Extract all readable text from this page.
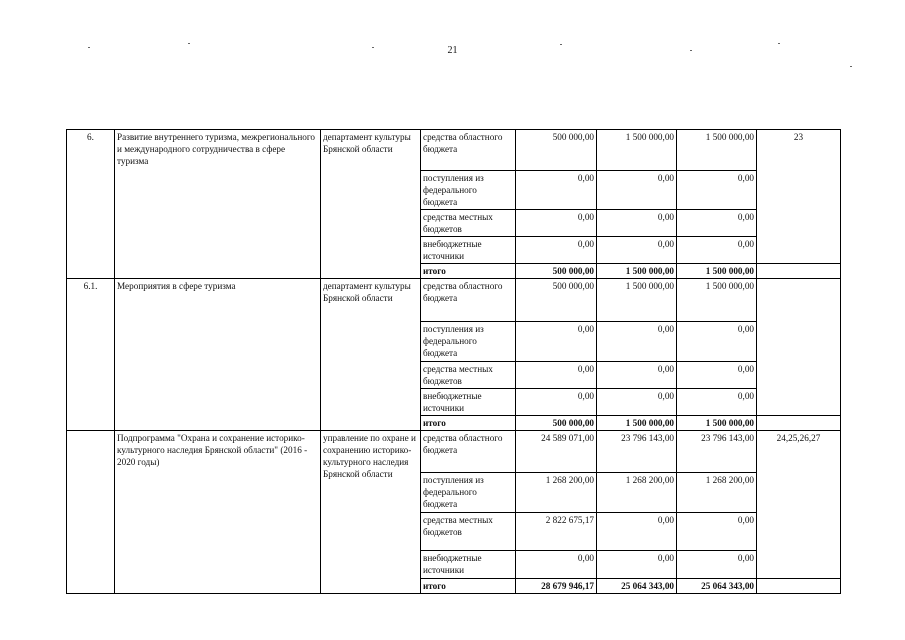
21
6.	Развитие внутреннего туризма, межрегионального и международного сотрудничества в сфере туризма	департамент культуры Брянской области	средства областного бюджета	500 000,00	1 500 000,00	1 500 000,00	23
			поступления из федерального бюджета	0,00	0,00	0,00	
			средства местных бюджетов	0,00	0,00	0,00	
			внебюджетные источники	0,00	0,00	0,00	
			итого	500 000,00	1 500 000,00	1 500 000,00	
6.1.	Мероприятия в сфере туризма	департамент культуры Брянской области	средства областного бюджета	500 000,00	1 500 000,00	1 500 000,00	
			поступления из федерального бюджета	0,00	0,00	0,00	
			средства местных бюджетов	0,00	0,00	0,00	
			внебюджетные источники	0,00	0,00	0,00	
			итого	500 000,00	1 500 000,00	1 500 000,00	
	Подпрограмма "Охрана и сохранение историко-культурного наследия Брянской области" (2016 - 2020 годы)	управление по охране и сохранению историко-культурного наследия Брянской области	средства областного бюджета	24 589 071,00	23 796 143,00	23 796 143,00	24,25,26,27
			поступления из федерального бюджета	1 268 200,00	1 268 200,00	1 268 200,00	
			средства местных бюджетов	2 822 675,17	0,00	0,00	
			внебюджетные источники	0,00	0,00	0,00	
			итого	28 679 946,17	25 064 343,00	25 064 343,00	
